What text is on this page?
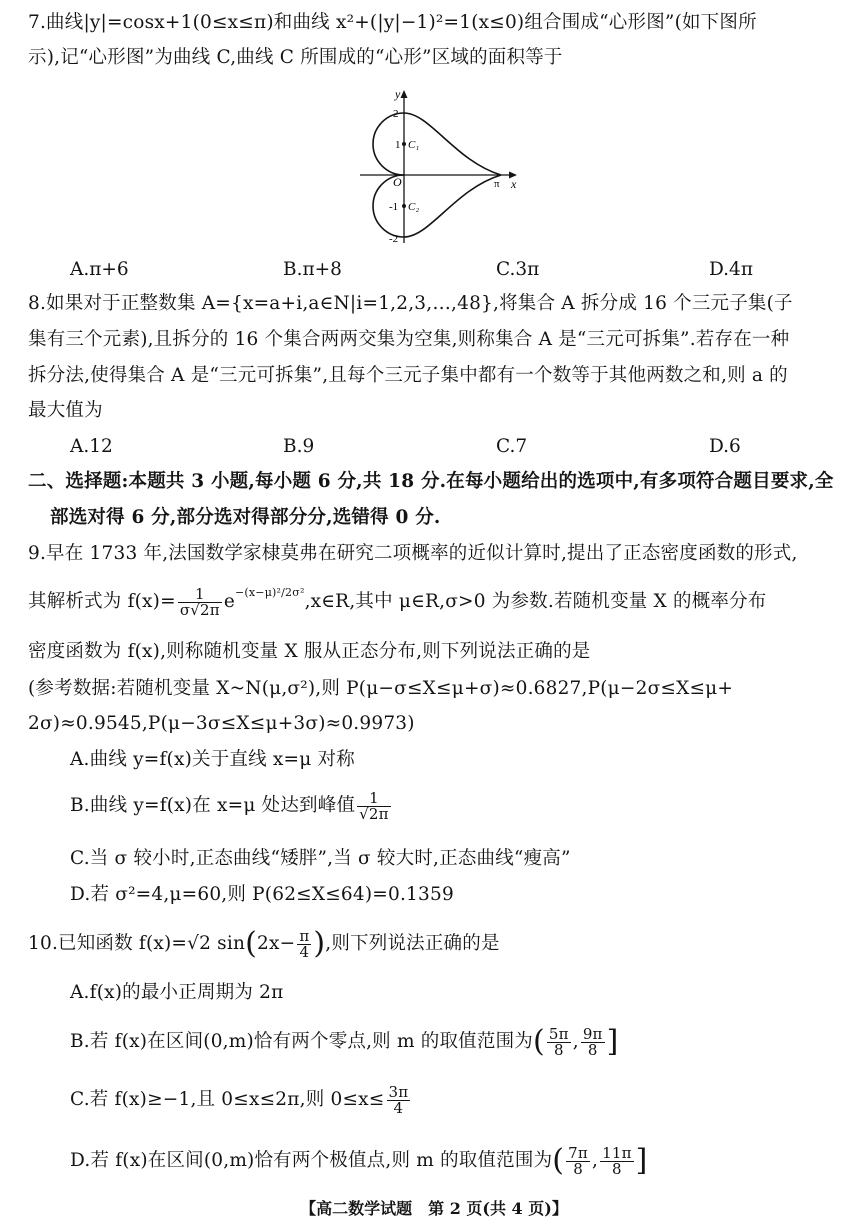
7.曲线|y|=cosx+1(0≤x≤π)和曲线 x²+(|y|−1)²=1(x≤0)组合围成“心形图”(如下图所
示),记“心形图”为曲线 C,曲线 C 所围成的“心形”区域的面积等于
y
x
O
2
1
-1
-2
π
C₁
C₂
A.π+6	B.π+8	C.3π	D.4π
8.如果对于正整数集 A={x=a+i,a∈N|i=1,2,3,…,48},将集合 A 拆分成 16 个三元子集(子
集有三个元素),且拆分的 16 个集合两两交集为空集,则称集合 A 是“三元可拆集”.若存在一种
拆分法,使得集合 A 是“三元可拆集”,且每个三元子集中都有一个数等于其他两数之和,则 a 的
最大值为
A.12	B.9	C.7	D.6
二、选择题:本题共 3 小题,每小题 6 分,共 18 分.在每小题给出的选项中,有多项符合题目要求,全
部选对得 6 分,部分选对得部分分,选错得 0 分.
9.早在 1733 年,法国数学家棣莫弗在研究二项概率的近似计算时,提出了正态密度函数的形式,
其解析式为 $f(x)= \frac{1}{\sigma√2\pi}$ $e^{-(x-\mu)^2/2\sigma^2},x\in R$,其中 μ∈R,σ>0 为参数.若随机变量 X 的概率分布
密度函数为 f(x),则称随机变量 X 服从正态分布,则下列说法正确的是
(参考数据:若随机变量 X~N(μ,σ²),则 P(μ−σ≤X≤μ+σ)≈0.6827,P(μ−2σ≤X≤μ+
2σ)≈0.9545,P(μ−3σ≤X≤μ+3σ)≈0.9973)
A.曲线 y=f(x)关于直线 x=μ 对称
B.曲线 y=f(x)在 x=μ 处达到峰值 $\frac{1}{√2\pi}$
C.当 σ 较小时,正态曲线“矮胖”,当 σ 较大时,正态曲线“瘦高”
D.若 σ²=4,μ=60,则 P(62≤X≤64)=0.1359
10.已知函数 f(x)=√2 $\sin(2x- \frac{\pi}{4}$ ),则下列说法正确的是
A.f(x)的最小正周期为 2π
B.若 f(x)在区间(0,m)恰有两个零点,则 m 的取值范围为( $\frac{5\pi}{8}$ , $\frac{9\pi}{8}$ ]
C.若 f(x)≥−1,且 0≤x≤2π,则 $0\le x\le \frac{3\pi}{4}$
D.若 f(x)在区间(0,m)恰有两个极值点,则 m 的取值范围为( $\frac{7\pi}{8}$ , $\frac{11\pi}{8}$ ]
【高二数学试题　第 2 页(共 4 页)】
